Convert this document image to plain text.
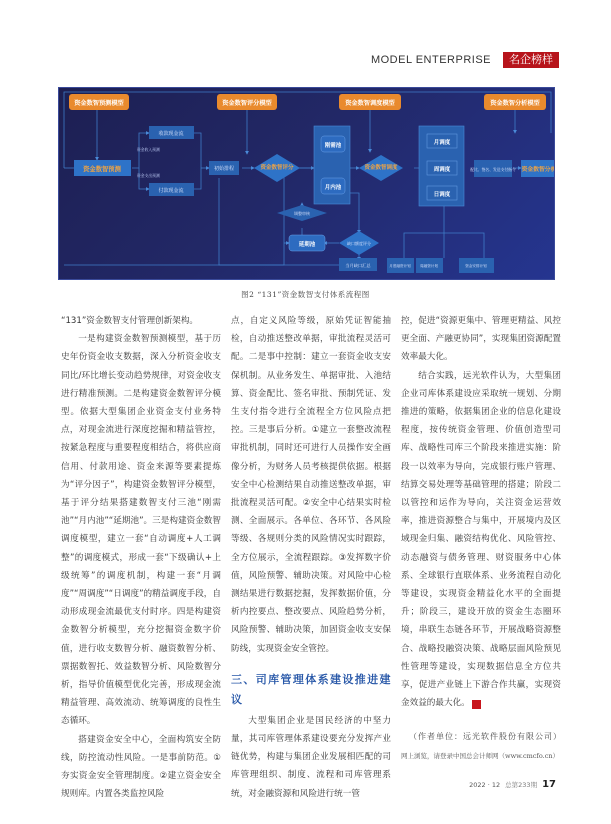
MODEL ENTERPRISE	名企榜样
资金数智预测模型	资金数智评分模型	资金数智调度模型	资金数智分析模型
资金数智预测
收款现金流
付款现金流
资金收入预测
资金支出预测
初始排程	资金数智评分
刚需池
月内池
调整审核
延期池
资金数智调度
月调度
周调度
日调度
配比、签名、发送支付指令 资金数智分析
缺口额度评分
当月缺口汇总	月度融资计划	周融资计划	资金安排计划
图2 “131”资金数智支付体系流程图

“131”资金数智支付管理创新架构。

一是构建资金数智预测模型，基于历史年份资金收支数据，深入分析资金收支同比/环比增长变动趋势规律，对资金收支进行精准预测。二是构建资金数智评分模型。依据大型集团企业资金支付业务特点，对现金流进行深度挖掘和精益管控，按紧急程度与重要程度相结合，将供应商信用、付款用途、资金来源等要素提炼为“评分因子”，构建资金数智评分模型，基于评分结果搭建数智支付三池“刚需池”“月内池”“延期池”。三是构建资金数智调度模型，建立一套“自动调度+人工调整”的调度模式，形成一套“下级确认+上级统筹”的调度机制，构建一套“月调度”“周调度”“日调度”的精益调度手段，自动形成现金流最优支付时序。四是构建资金数智分析模型，充分挖掘资金数字价值，进行收支数智分析、融资数智分析、票据数智托、效益数智分析、风险数智分析，指导价值模型优化完善，形成现金流精益管理、高效流动、统筹调度的良性生态循环。

搭建资金安全中心，全面构筑安全防线，防控流动性风险。一是事前防范。①夯实资金安全管理制度。②建立资金安全规则库。内置各类监控风险

点，自定义风险等级，原始凭证智能抽检，自动推送整改单据，审批流程灵活可配。二是事中控制：建立一套资金收支安保机制。从业务发生、单据审批、入池结算、资金配比、签名审批、预制凭证、发生支付指令进行全流程全方位风险点把控。三是事后分析。①建立一套整改流程审批机制，同时还可进行人员操作安全画像分析，为财务人员考核提供依据。根据安全中心检测结果自动推送整改单据，审批流程灵活可配。②安全中心结果实时检测、全面展示。各单位、各环节、各风险等级、各规则分类的风险情况实时跟踪，全方位展示，全流程跟踪。③发挥数字价值，风险预警、辅助决策。对风险中心检测结果进行数据挖掘，发挥数据价值，分析内控要点、整改要点、风险趋势分析，风险预警、辅助决策，加固资金收支安保防线，实现资金安全管控。

三、司库管理体系建设推进建议

大型集团企业是国民经济的中坚力量，其司库管理体系建设要充分发挥产业链优势，构建与集团企业发展相匹配的司库管理组织、制度、流程和司库管理系统，对金融资源和风险进行统一管

控，促进“资源更集中、管理更精益、风控更全面、产融更协同”，实现集团资源配置效率最大化。

结合实践，远光软件认为，大型集团企业司库体系建设应采取统一规划、分期推进的策略，依据集团企业的信息化建设程度，按传统资金管理、价值创造型司库、战略性司库三个阶段来推进实施：阶段一以效率为导向，完成银行账户管理、结算交易处理等基础管理的搭建；阶段二以管控和运作为导向，关注资金运营效率，推进资源整合与集中，开展境内及区域现金归集、融资结构优化、风险管控、动态融资与债务管理、财资服务中心体系、全球银行直联体系、业务流程自动化等建设，实现资金精益化水平的全面提升；阶段三，建设开放的资金生态圈环境，串联生态链各环节，开展战略资源整合、战略投融资决策、战略层面风险预见性管理等建设，实现数据信息全方位共享，促进产业链上下游合作共赢，实现资金效益的最大化。	C

（作者单位：远光软件股份有限公司）
网上浏览，请登录中国总会计师网（www.cmcfo.cn）
2022 · 12 总第233期 17
